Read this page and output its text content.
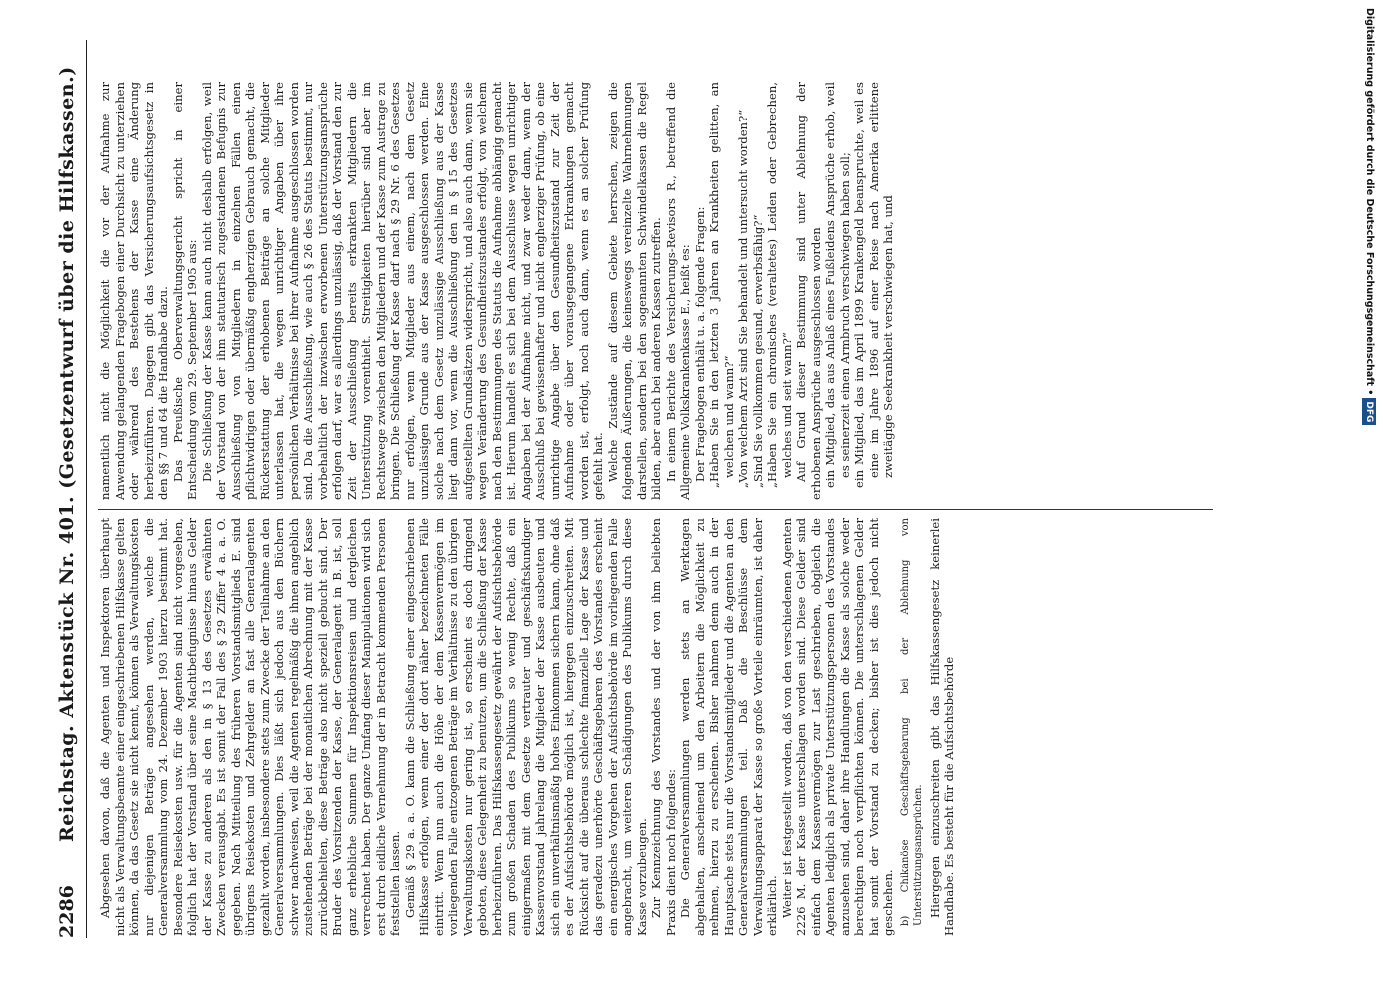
2286
Reichstag. Aktenstück Nr. 401. (Gesetzentwurf über die Hilfskassen.) Abgesehen davon, daß die Agenten und Inspektoren überhaupt nicht als Verwaltungsbeamte einer eingeschriebenen Hilfskasse gelten können, da das Gesetz sie nicht kennt, können als Verwaltungskosten nur diejenigen Beträge angesehen werden, welche die Generalversammlung vom 24. Dezember 1903 hierzu bestimmt hat. Besondere Reisekosten usw. für die Agenten sind nicht vorgesehen, folglich hat der Vorstand über seine Machtbefugnisse hinaus Gelder der Kasse zu anderen als den in § 13 des Gesetzes erwähnten Zwecken verausgabt. Es ist somit der Fall des § 29 Ziffer 4 a. a. O. gegeben. Nach Mitteilung des früheren Vorstandsmitglieds E. sind übrigens Reisekosten und Zehrgelder an fast alle Generalagenten gezahlt worden, insbesondere stets zum Zwecke der Teilnahme an den Generalversammlungen. Dies läßt sich jedoch aus den Büchern schwer nachweisen, weil die Agenten regelmäßig die ihnen angeblich zustehenden Beträge bei der monatlichen Abrechnung mit der Kasse zurückbehielten, diese Beträge also nicht speziell gebucht sind. Der Bruder des Vorsitzenden der Kasse, der Generalagent in B. ist, soll ganz erhebliche Summen für Inspektionsreisen und dergleichen verrechnet haben. Der ganze Umfang dieser Manipulationen wird sich erst durch eidliche Vernehmung der in Betracht kommenden Personen feststellen lassen. Gemäß § 29 a. a. O. kann die Schließung einer eingeschriebenen Hilfskasse erfolgen, wenn einer der dort näher bezeichneten Fälle eintritt. Wenn nun auch die Höhe der dem Kassenvermögen im vorliegenden Falle entzogenen Beträge im Verhältnisse zu den übrigen Verwaltungskosten nur gering ist, so erscheint es doch dringend geboten, diese Gelegenheit zu benutzen, um die Schließung der Kasse herbeizuführen. Das Hilfskassengesetz gewährt der Aufsichtsbehörde zum großen Schaden des Publikums so wenig Rechte, daß ein einigermaßen mit dem Gesetze vertrauter und geschäftskundiger Kassenvorstand jahrelang die Mitglieder der Kasse ausbeuten und sich ein unverhältnismäßig hohes Einkommen sichern kann, ohne daß es der Aufsichtsbehörde möglich ist, hiergegen einzuschreiten. Mit Rücksicht auf die überaus schlechte finanzielle Lage der Kasse und das geradezu unerhörte Geschäftsgebaren des Vorstandes erscheint ein energisches Vorgehen der Aufsichtsbehörde im vorliegenden Falle angebracht, um weiteren Schädigungen des Publikums durch diese Kasse vorzubeugen. Zur Kennzeichnung des Vorstandes und der von ihm beliebten Praxis dient noch folgendes: Die Generalversammlungen werden stets an Werktagen abgehalten, anscheinend um den Arbeitern die Möglichkeit zu nehmen, hierzu zu erscheinen. Bisher nahmen denn auch in der Hauptsache stets nur die Vorstandsmitglieder und die Agenten an den Generalversammlungen teil. Daß die Beschlüsse dem Verwaltungsapparat der Kasse so große Vorteile einräumten, ist daher erklärlich. Weiter ist festgestellt worden, daß von den verschiedenen Agenten 2226 M. der Kasse unterschlagen worden sind. Diese Gelder sind einfach dem Kassenvermögen zur Last geschrieben, obgleich die Agenten lediglich als private Unterstützungspersonen des Vorstandes anzusehen sind, daher ihre Handlungen die Kasse als solche weder berechtigen noch verpflichten können. Die unterschlagenen Gelder hat somit der Vorstand zu decken; bisher ist dies jedoch nicht geschehen. b) Chikanöse Geschäftsgebarung bei der Ablehnung von Unterstützungsansprüchen. Hiergegen einzuschreiten gibt das Hilfskassengesetz keinerlei Handhabe. Es besteht für die Aufsichtsbehörde

namentlich nicht die Möglichkeit die vor der Aufnahme zur Anwendung gelangenden Fragebogen einer Durchsicht zu unterziehen oder während des Bestehens der Kasse eine Änderung herbeizuführen. Dagegen gibt das Versicherungsaufsichtsgesetz in den §§ 7 und 64 die Handhabe dazu. Das Preußische Oberverwaltungsgericht spricht in einer Entscheidung vom 29. September 1905 aus: Die Schließung der Kasse kann auch nicht deshalb erfolgen, weil der Vorstand von der ihm statutarisch zugestandenen Befugnis zur Ausschließung von Mitgliedern in einzelnen Fällen einen pflichtwidrigen oder übermäßig engherzigen Gebrauch gemacht, die Rückerstattung der erhobenen Beiträge an solche Mitglieder unterlassen hat, die wegen unrichtiger Angaben über ihre persönlichen Verhältnisse bei ihrer Aufnahme ausgeschlossen worden sind. Da die Ausschließung, wie auch § 26 des Statuts bestimmt, nur vorbehaltlich der inzwischen erworbenen Unterstützungsansprüche erfolgen darf, war es allerdings unzulässig, daß der Vorstand den zur Zeit der Ausschließung bereits erkrankten Mitgliedern die Unterstützung vorenthielt. Streitigkeiten hierüber sind aber im Rechtswege zwischen den Mitgliedern und der Kasse zum Austrage zu bringen. Die Schließung der Kasse darf nach § 29 Nr. 6 des Gesetzes nur erfolgen, wenn Mitglieder aus einem, nach dem Gesetz unzulässigen Grunde aus der Kasse ausgeschlossen werden. Eine solche nach dem Gesetz unzulässige Ausschließung aus der Kasse liegt dann vor, wenn die Ausschließung den in § 15 des Gesetzes aufgestellten Grundsätzen widerspricht, und also auch dann, wenn sie wegen Veränderung des Gesundheitszustandes erfolgt, von welchem nach den Bestimmungen des Statuts die Aufnahme abhängig gemacht ist. Hierum handelt es sich bei dem Ausschlusse wegen unrichtiger Angaben bei der Aufnahme nicht, und zwar weder dann, wenn der Ausschluß bei gewissenhafter und nicht engherziger Prüfung, ob eine unrichtige Angabe über den Gesundheitszustand zur Zeit der Aufnahme oder über vorausgegangene Erkrankungen gemacht worden ist, erfolgt, noch auch dann, wenn es an solcher Prüfung gefehlt hat. Welche Zustände auf diesem Gebiete herrschen, zeigen die folgenden Äußerungen, die keineswegs vereinzelte Wahrnehmungen darstellen, sondern bei den sogenannten Schwindelkassen die Regel bilden, aber auch bei anderen Kassen zutreffen. In einem Berichte des Versicherungs-Revisors R., betreffend die Allgemeine Volkskrankenkasse E., heißt es: Der Fragebogen enthält u. a. folgende Fragen: „Haben Sie in den letzten 3 Jahren an Krankheiten gelitten, an welchen und wann?“ „Von welchem Arzt sind Sie behandelt und untersucht worden?“ „Sind Sie vollkommen gesund, erwerbsfähig?“ „Haben Sie ein chronisches (veraltetes) Leiden oder Gebrechen, welches und seit wann?“ Auf Grund dieser Bestimmung sind unter Ablehnung der erhobenen Ansprüche ausgeschlossen worden ein Mitglied, das aus Anlaß eines Fußleidens Ansprüche erhob, weil es seinerzeit einen Armbruch verschwiegen haben soll; ein Mitglied, das im April 1899 Krankengeld beanspruchte, weil es eine im Jahre 1896 auf einer Reise nach Amerika erlittene zweitägige Seekrankheit verschwiegen hat, und	Digitalisierung gefördert durch die Deutsche Forschungsgemeinschaft •DFG
